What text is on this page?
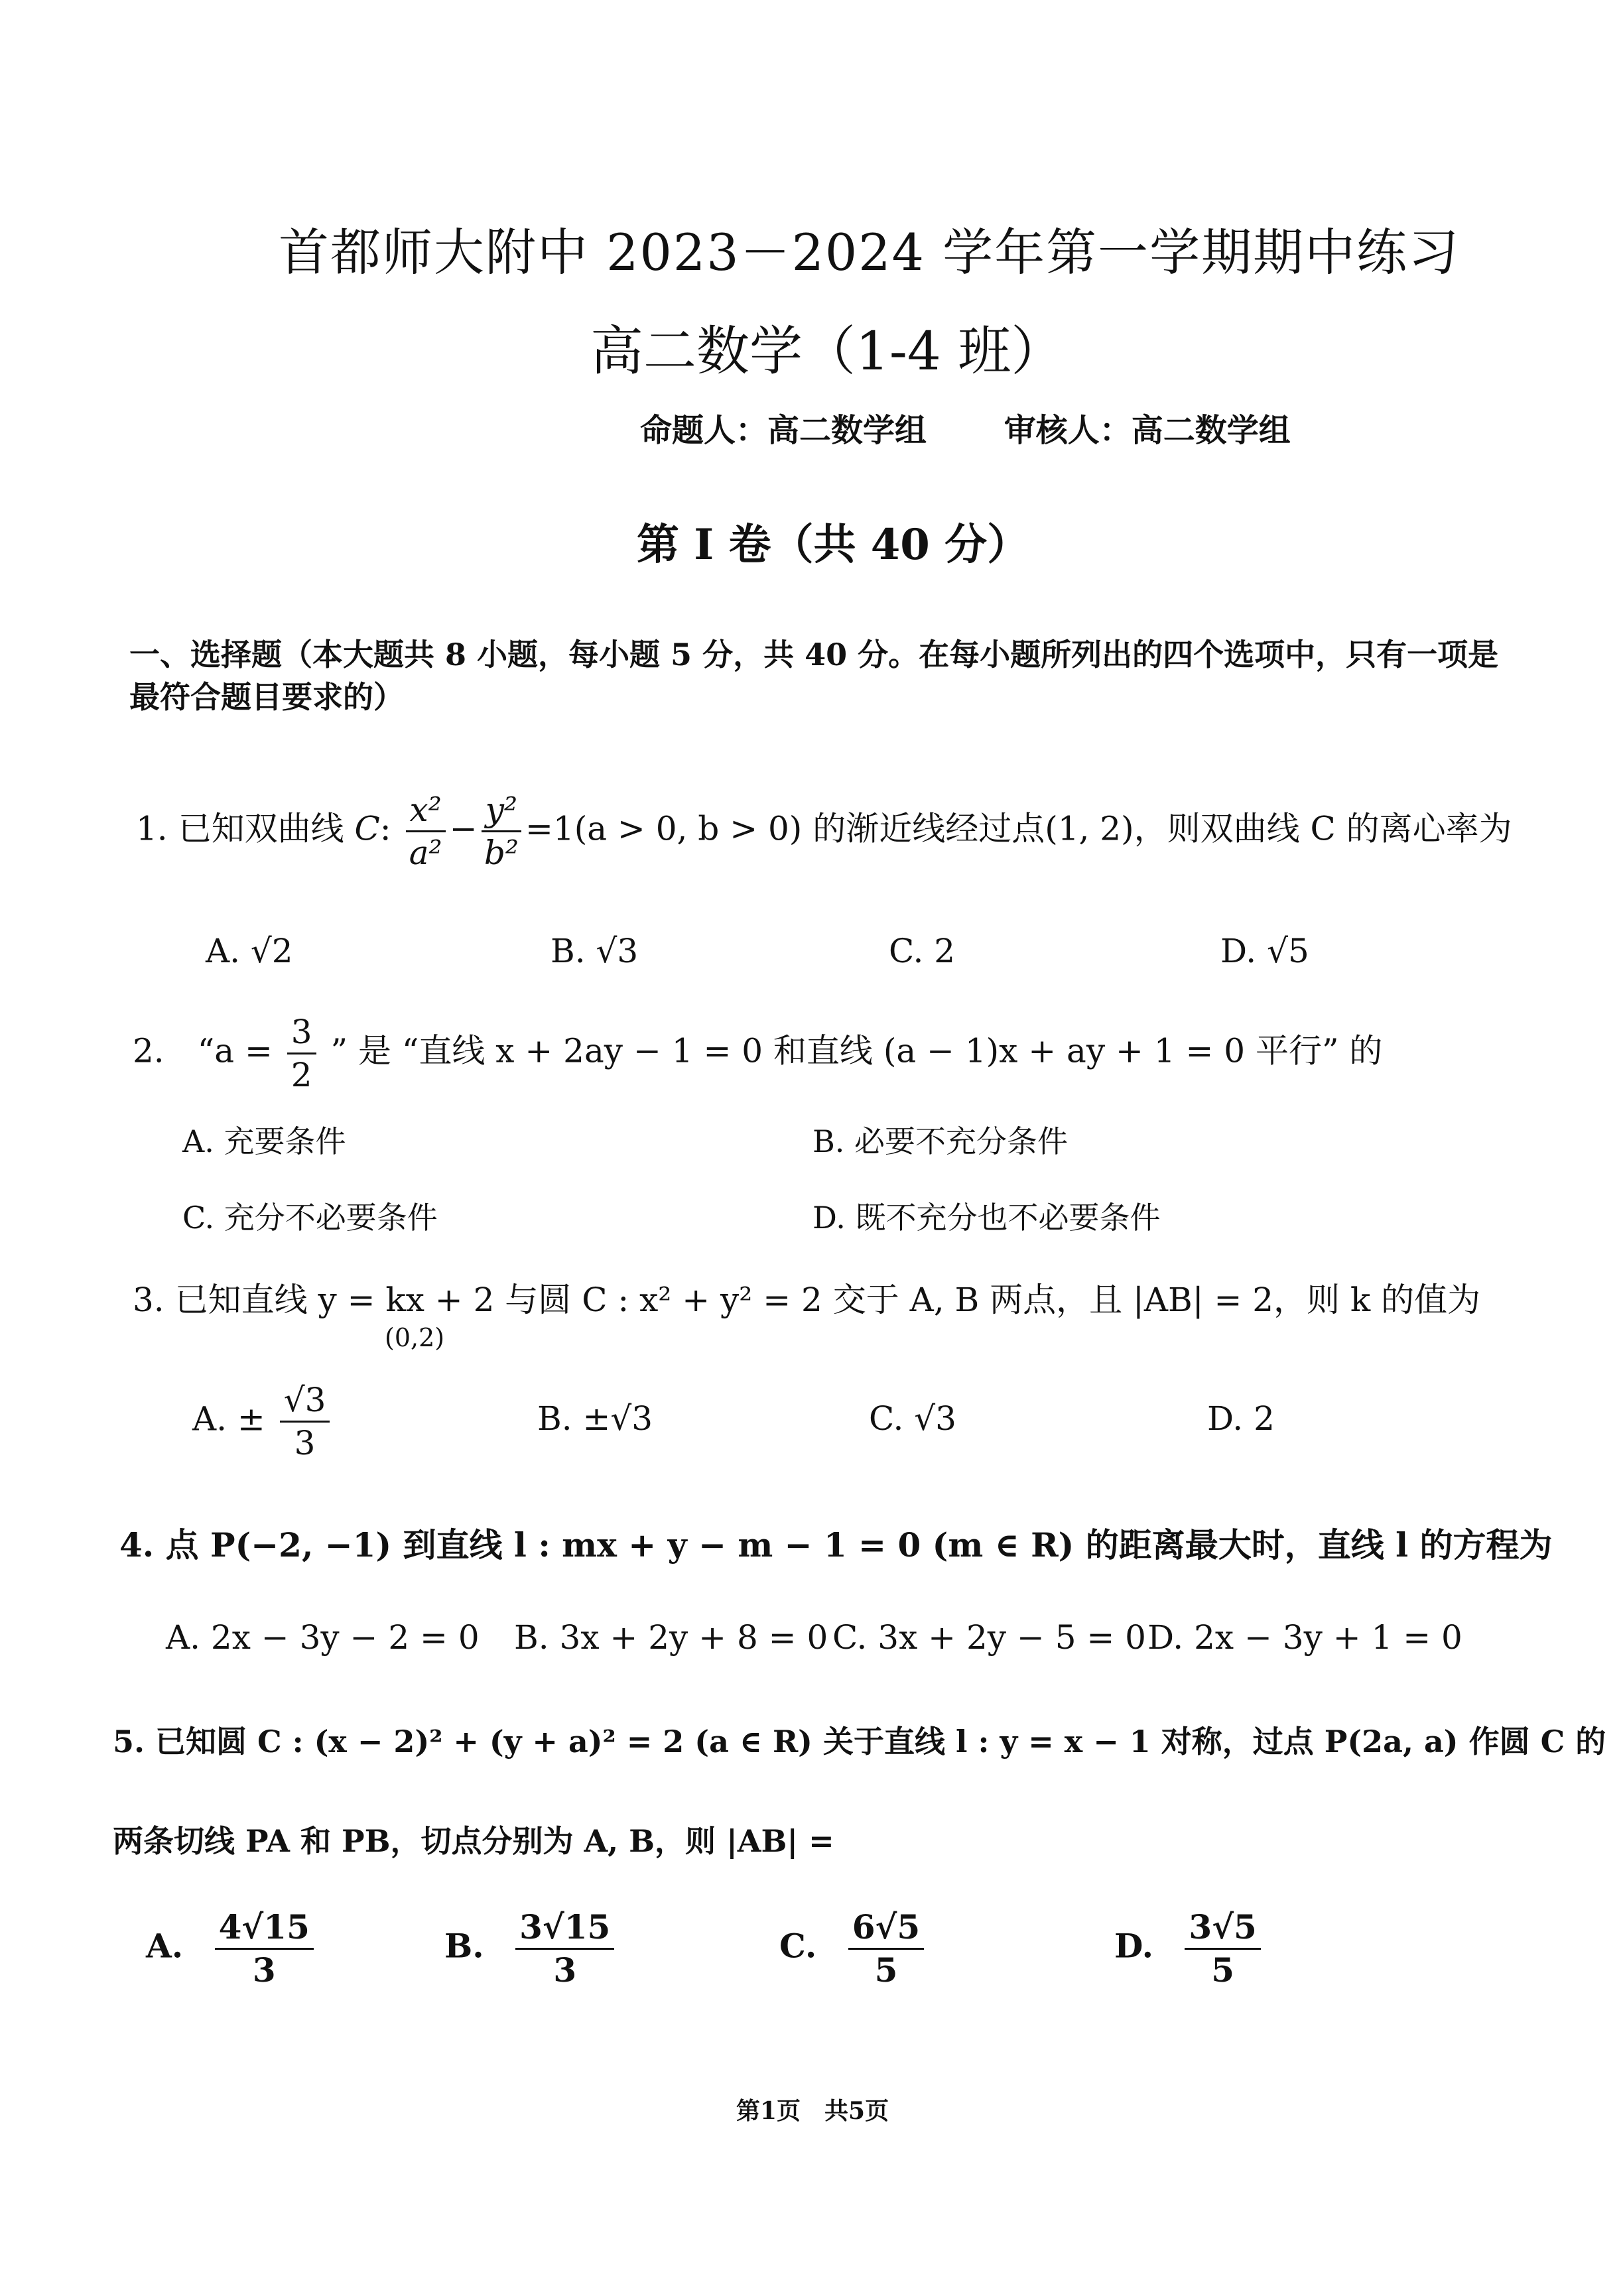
首都师大附中 2023－2024 学年第一学期期中练习
高二数学（1-4 班）
命题人：高二数学组 审核人：高二数学组
第 I 卷（共 40 分）
一、选择题（本大题共 8 小题，每小题 5 分，共 40 分。在每小题所列出的四个选项中，只有一项是最符合题目要求的）
1. 已知双曲线 C: $\frac{\text{x²}}{\text{a²}} - \frac{\text{y²}}{\text{b²}} =1(a > 0$, b > 0) 的渐近线经过点(1, 2)，则双曲线 C 的离心率为
A. √2	B. √3	C. 2	D. √5
2.　“$a = \frac{3}{2}$ ” 是 “直线 x + 2ay − 1 = 0 和直线 (a − 1)x + ay + 1 = 0 平行” 的
A. 充要条件	B. 必要不充分条件
C. 充分不必要条件	D. 既不充分也不必要条件
3. 已知直线 y = kx + 2 与圆 C : x² + y² = 2 交于 A, B 两点，且 |AB| = 2，则 k 的值为
(0,2)
A. ± $\frac{√3}{3}$	B. ±√3	C. √3	D. 2
4. 点 P(−2, −1) 到直线 l : mx + y − m − 1 = 0 (m ∈ R) 的距离最大时，直线 l 的方程为
A. 2x − 3y − 2 = 0 B. 3x + 2y + 8 = 0 C. 3x + 2y − 5 = 0 D. 2x − 3y + 1 = 0
5. 已知圆 C : (x − 2)² + (y + a)² = 2 (a ∈ R) 关于直线 l : y = x − 1 对称，过点 P(2a, a) 作圆 C 的
两条切线 PA 和 PB，切点分别为 A, B，则 |AB| =
A. $\frac{4√15}{3}$	B. $\frac{3√15}{3}$	C. $\frac{6√5}{5}$	D. $\frac{3√5}{5}$
第1页　共5页
